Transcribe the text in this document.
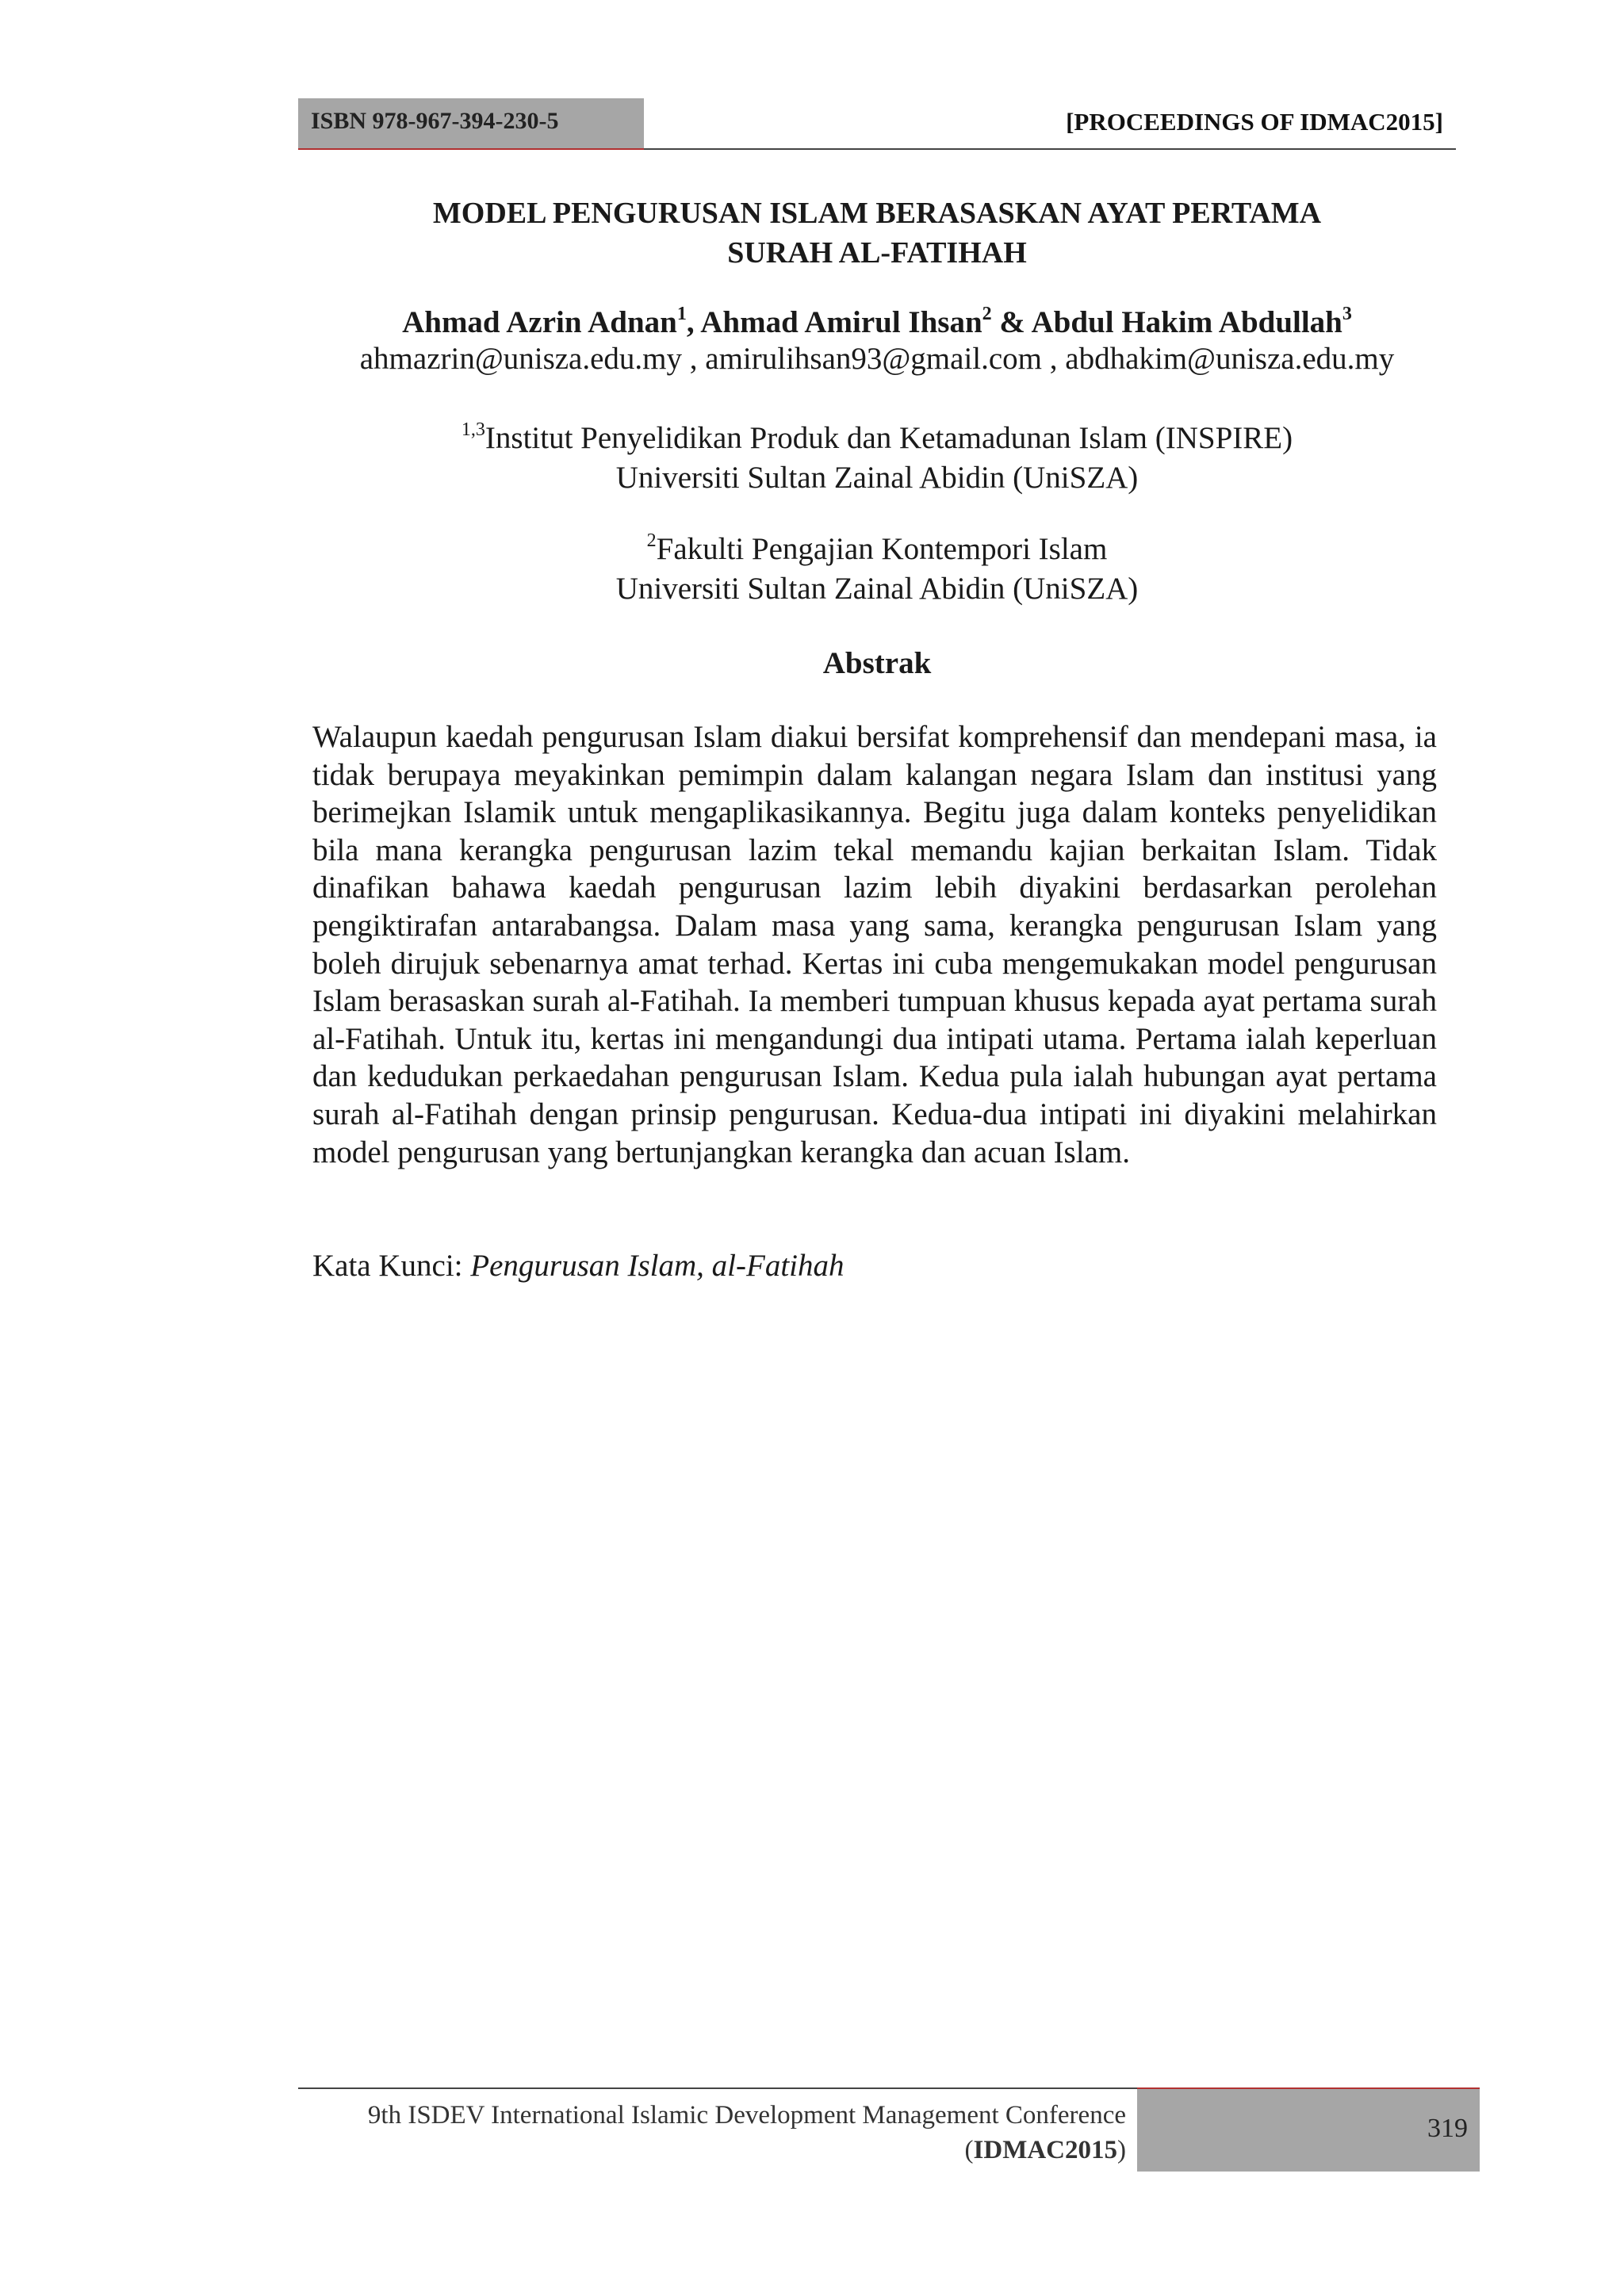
ISBN 978-967-394-230-5	[PROCEEDINGS OF IDMAC2015]
MODEL PENGURUSAN ISLAM BERASASKAN AYAT PERTAMA
SURAH AL-FATIHAH
Ahmad Azrin Adnan$^1$, Ahmad Amirul Ihsan$^2$ & Abdul Hakim Abdullah$^3$
ahmazrin@unisza.edu.my , amirulihsan93@gmail.com , abdhakim@unisza.edu.my
$^{1,3}$Institut Penyelidikan Produk dan Ketamadunan Islam (INSPIRE)
Universiti Sultan Zainal Abidin (UniSZA)
$^2$Fakulti Pengajian Kontempori Islam
Universiti Sultan Zainal Abidin (UniSZA)
Abstrak

Walaupun kaedah pengurusan Islam diakui bersifat komprehensif dan mendepani masa, ia tidak berupaya meyakinkan pemimpin dalam kalangan negara Islam dan institusi yang berimejkan Islamik untuk mengaplikasikannya. Begitu juga dalam konteks penyelidikan bila mana kerangka pengurusan lazim tekal memandu kajian berkaitan Islam. Tidak dinafikan bahawa kaedah pengurusan lazim lebih diyakini berdasarkan perolehan pengiktirafan antarabangsa. Dalam masa yang sama, kerangka pengurusan Islam yang boleh dirujuk sebenarnya amat terhad. Kertas ini cuba mengemukakan model pengurusan Islam berasaskan surah al-Fatihah. Ia memberi tumpuan khusus kepada ayat pertama surah al-Fatihah. Untuk itu, kertas ini mengandungi dua intipati utama. Pertama ialah keperluan dan kedudukan perkaedahan pengurusan Islam. Kedua pula ialah hubungan ayat pertama surah al-Fatihah dengan prinsip pengurusan. Kedua-dua intipati ini diyakini melahirkan model pengurusan yang bertunjangkan kerangka dan acuan Islam.

Kata Kunci: Pengurusan Islam, al-Fatihah

9th ISDEV International Islamic Development Management Conference
(IDMAC2015)
319
